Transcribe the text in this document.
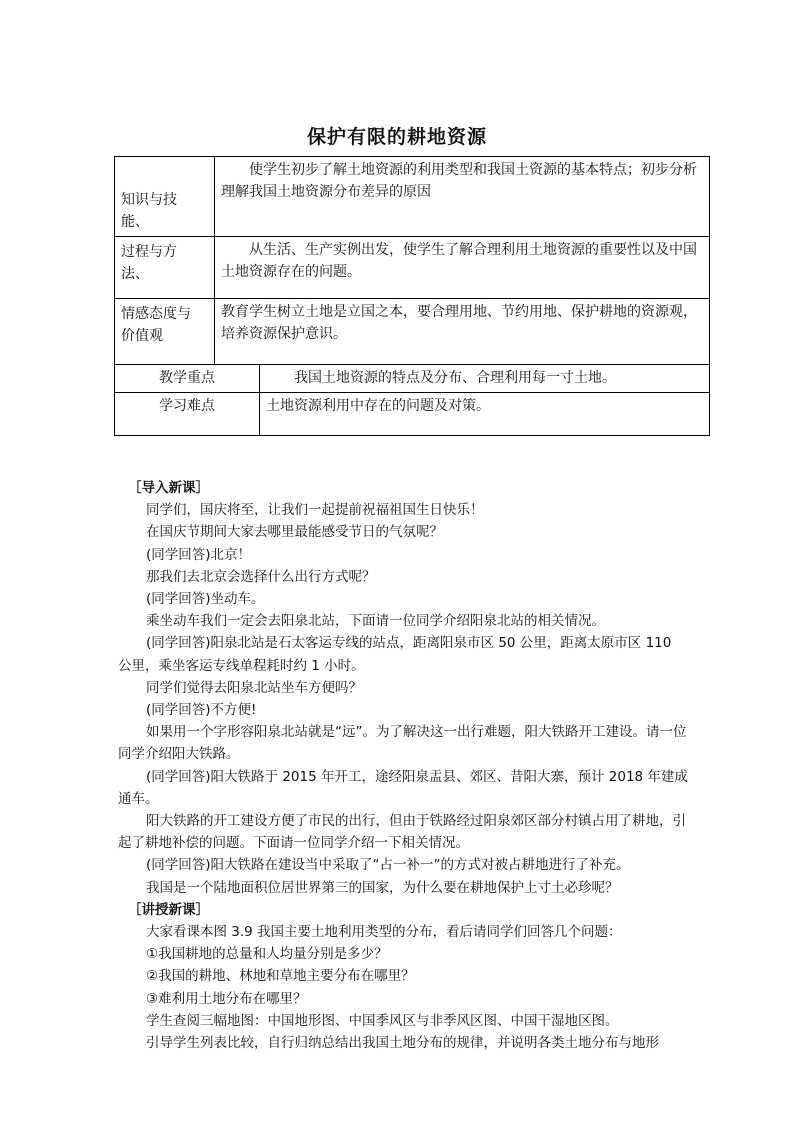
保护有限的耕地资源
知识与技能、	使学生初步了解土地资源的利用类型和我国土资源的基本特点；初步分析理解我国土地资源分布差异的原因	

过程与方法、	从生活、生产实例出发，使学生了解合理利用土地资源的重要性以及中国土地资源存在的问题。	

情感态度与价值观	教育学生树立土地是立国之本，要合理用地、节约用地、保护耕地的资源观，培养资源保护意识。	
教学重点		我国土地资源的特点及分布、合理利用每一寸土地。
学习难点		土地资源利用中存在的问题及对策。

［导入新课］

同学们，国庆将至，让我们一起提前祝福祖国生日快乐！

在国庆节期间大家去哪里最能感受节日的气氛呢？

(同学回答)北京！

那我们去北京会选择什么出行方式呢？

(同学回答)坐动车。

乘坐动车我们一定会去阳泉北站，下面请一位同学介绍阳泉北站的相关情况。

(同学回答)阳泉北站是石太客运专线的站点，距离阳泉市区 50 公里，距离太原市区 110 公里，乘坐客运专线单程耗时约 1 小时。

同学们觉得去阳泉北站坐车方便吗？

(同学回答)不方便!

如果用一个字形容阳泉北站就是“远”。为了解决这一出行难题，阳大铁路开工建设。请一位同学介绍阳大铁路。

(同学回答)阳大铁路于 2015 年开工，途经阳泉盂县、郊区、昔阳大寨，预计 2018 年建成通车。

阳大铁路的开工建设方便了市民的出行，但由于铁路经过阳泉郊区部分村镇占用了耕地，引起了耕地补偿的问题。下面请一位同学介绍一下相关情况。

(同学回答)阳大铁路在建设当中采取了“占一补一”的方式对被占耕地进行了补充。

我国是一个陆地面积位居世界第三的国家，为什么要在耕地保护上寸土必珍呢？

［讲授新课］

大家看课本图 3.9 我国主要土地利用类型的分布，看后请同学们回答几个问题：

①我国耕地的总量和人均量分别是多少？

②我国的耕地、林地和草地主要分布在哪里？

③难利用土地分布在哪里？

学生查阅三幅地图：中国地形图、中国季风区与非季风区图、中国干湿地区图。

引导学生列表比较，自行归纳总结出我国土地分布的规律，并说明各类土地分布与地形
